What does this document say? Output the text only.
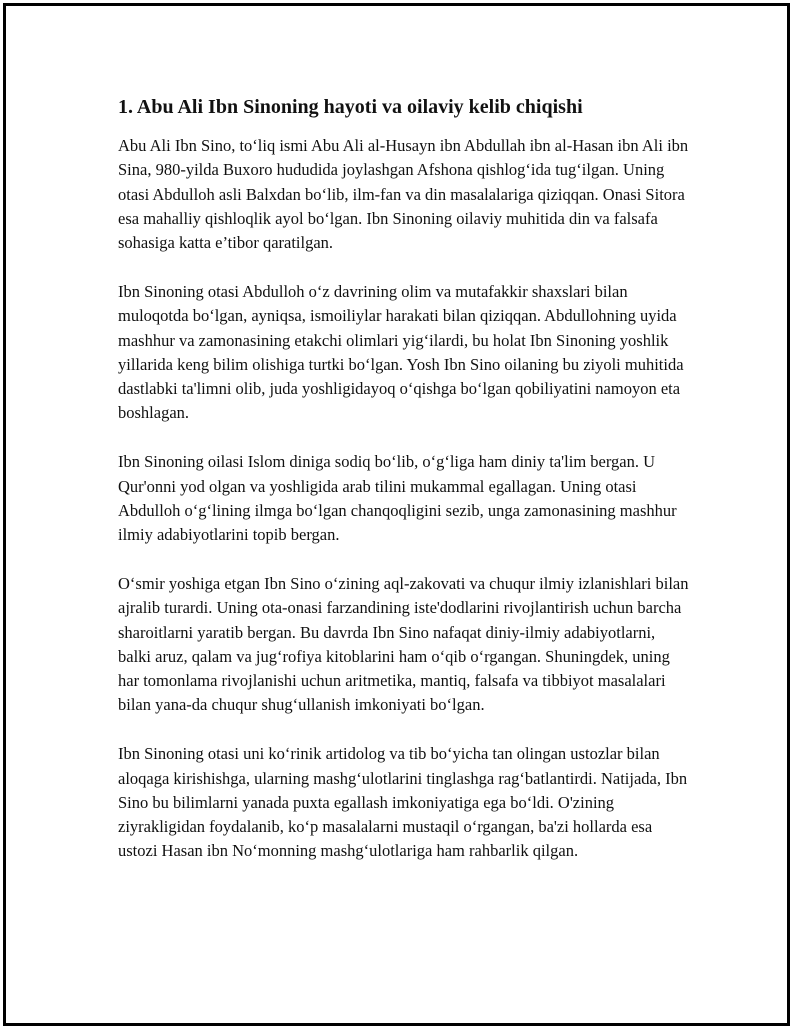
1. Abu Ali Ibn Sinoning hayoti va oilaviy kelib chiqishi

Abu Ali Ibn Sino, to‘liq ismi Abu Ali al-Husayn ibn Abdullah ibn al-Hasan ibn Ali ibn Sina, 980-yilda Buxoro hududida joylashgan Afshona qishlog‘ida tug‘ilgan. Uning otasi Abdulloh asli Balxdan bo‘lib, ilm-fan va din masalalariga qiziqqan. Onasi Sitora esa mahalliy qishloqlik ayol bo‘lgan. Ibn Sinoning oilaviy muhitida din va falsafa sohasiga katta e’tibor qaratilgan.

Ibn Sinoning otasi Abdulloh o‘z davrining olim va mutafakkir shaxslari bilan muloqotda bo‘lgan, ayniqsa, ismoiliylar harakati bilan qiziqqan. Abdullohning uyida mashhur va zamonasining etakchi olimlari yig‘ilardi, bu holat Ibn Sinoning yoshlik yillarida keng bilim olishiga turtki bo‘lgan. Yosh Ibn Sino oilaning bu ziyoli muhitida dastlabki ta'limni olib, juda yoshligidayoq o‘qishga bo‘lgan qobiliyatini namoyon eta boshlagan.

Ibn Sinoning oilasi Islom diniga sodiq bo‘lib, o‘g‘liga ham diniy ta'lim bergan. U Qur'onni yod olgan va yoshligida arab tilini mukammal egallagan. Uning otasi Abdulloh o‘g‘lining ilmga bo‘lgan chanqoqligini sezib, unga zamonasining mashhur ilmiy adabiyotlarini topib bergan.

O‘smir yoshiga etgan Ibn Sino o‘zining aql-zakovati va chuqur ilmiy izlanishlari bilan ajralib turardi. Uning ota-onasi farzandining iste'dodlarini rivojlantirish uchun barcha sharoitlarni yaratib bergan. Bu davrda Ibn Sino nafaqat diniy-ilmiy adabiyotlarni, balki aruz, qalam va jug‘rofiya kitoblarini ham o‘qib o‘rgangan. Shuningdek, uning har tomonlama rivojlanishi uchun aritmetika, mantiq, falsafa va tibbiyot masalalari bilan yana-da chuqur shug‘ullanish imkoniyati bo‘lgan.

Ibn Sinoning otasi uni ko‘rinik artidolog va tib bo‘yicha tan olingan ustozlar bilan aloqaga kirishishga, ularning mashg‘ulotlarini tinglashga rag‘batlantirdi. Natijada, Ibn Sino bu bilimlarni yanada puxta egallash imkoniyatiga ega bo‘ldi. O'zining ziyrakligidan foydalanib, ko‘p masalalarni mustaqil o‘rgangan, ba'zi hollarda esa ustozi Hasan ibn No‘monning mashg‘ulotlariga ham rahbarlik qilgan.
